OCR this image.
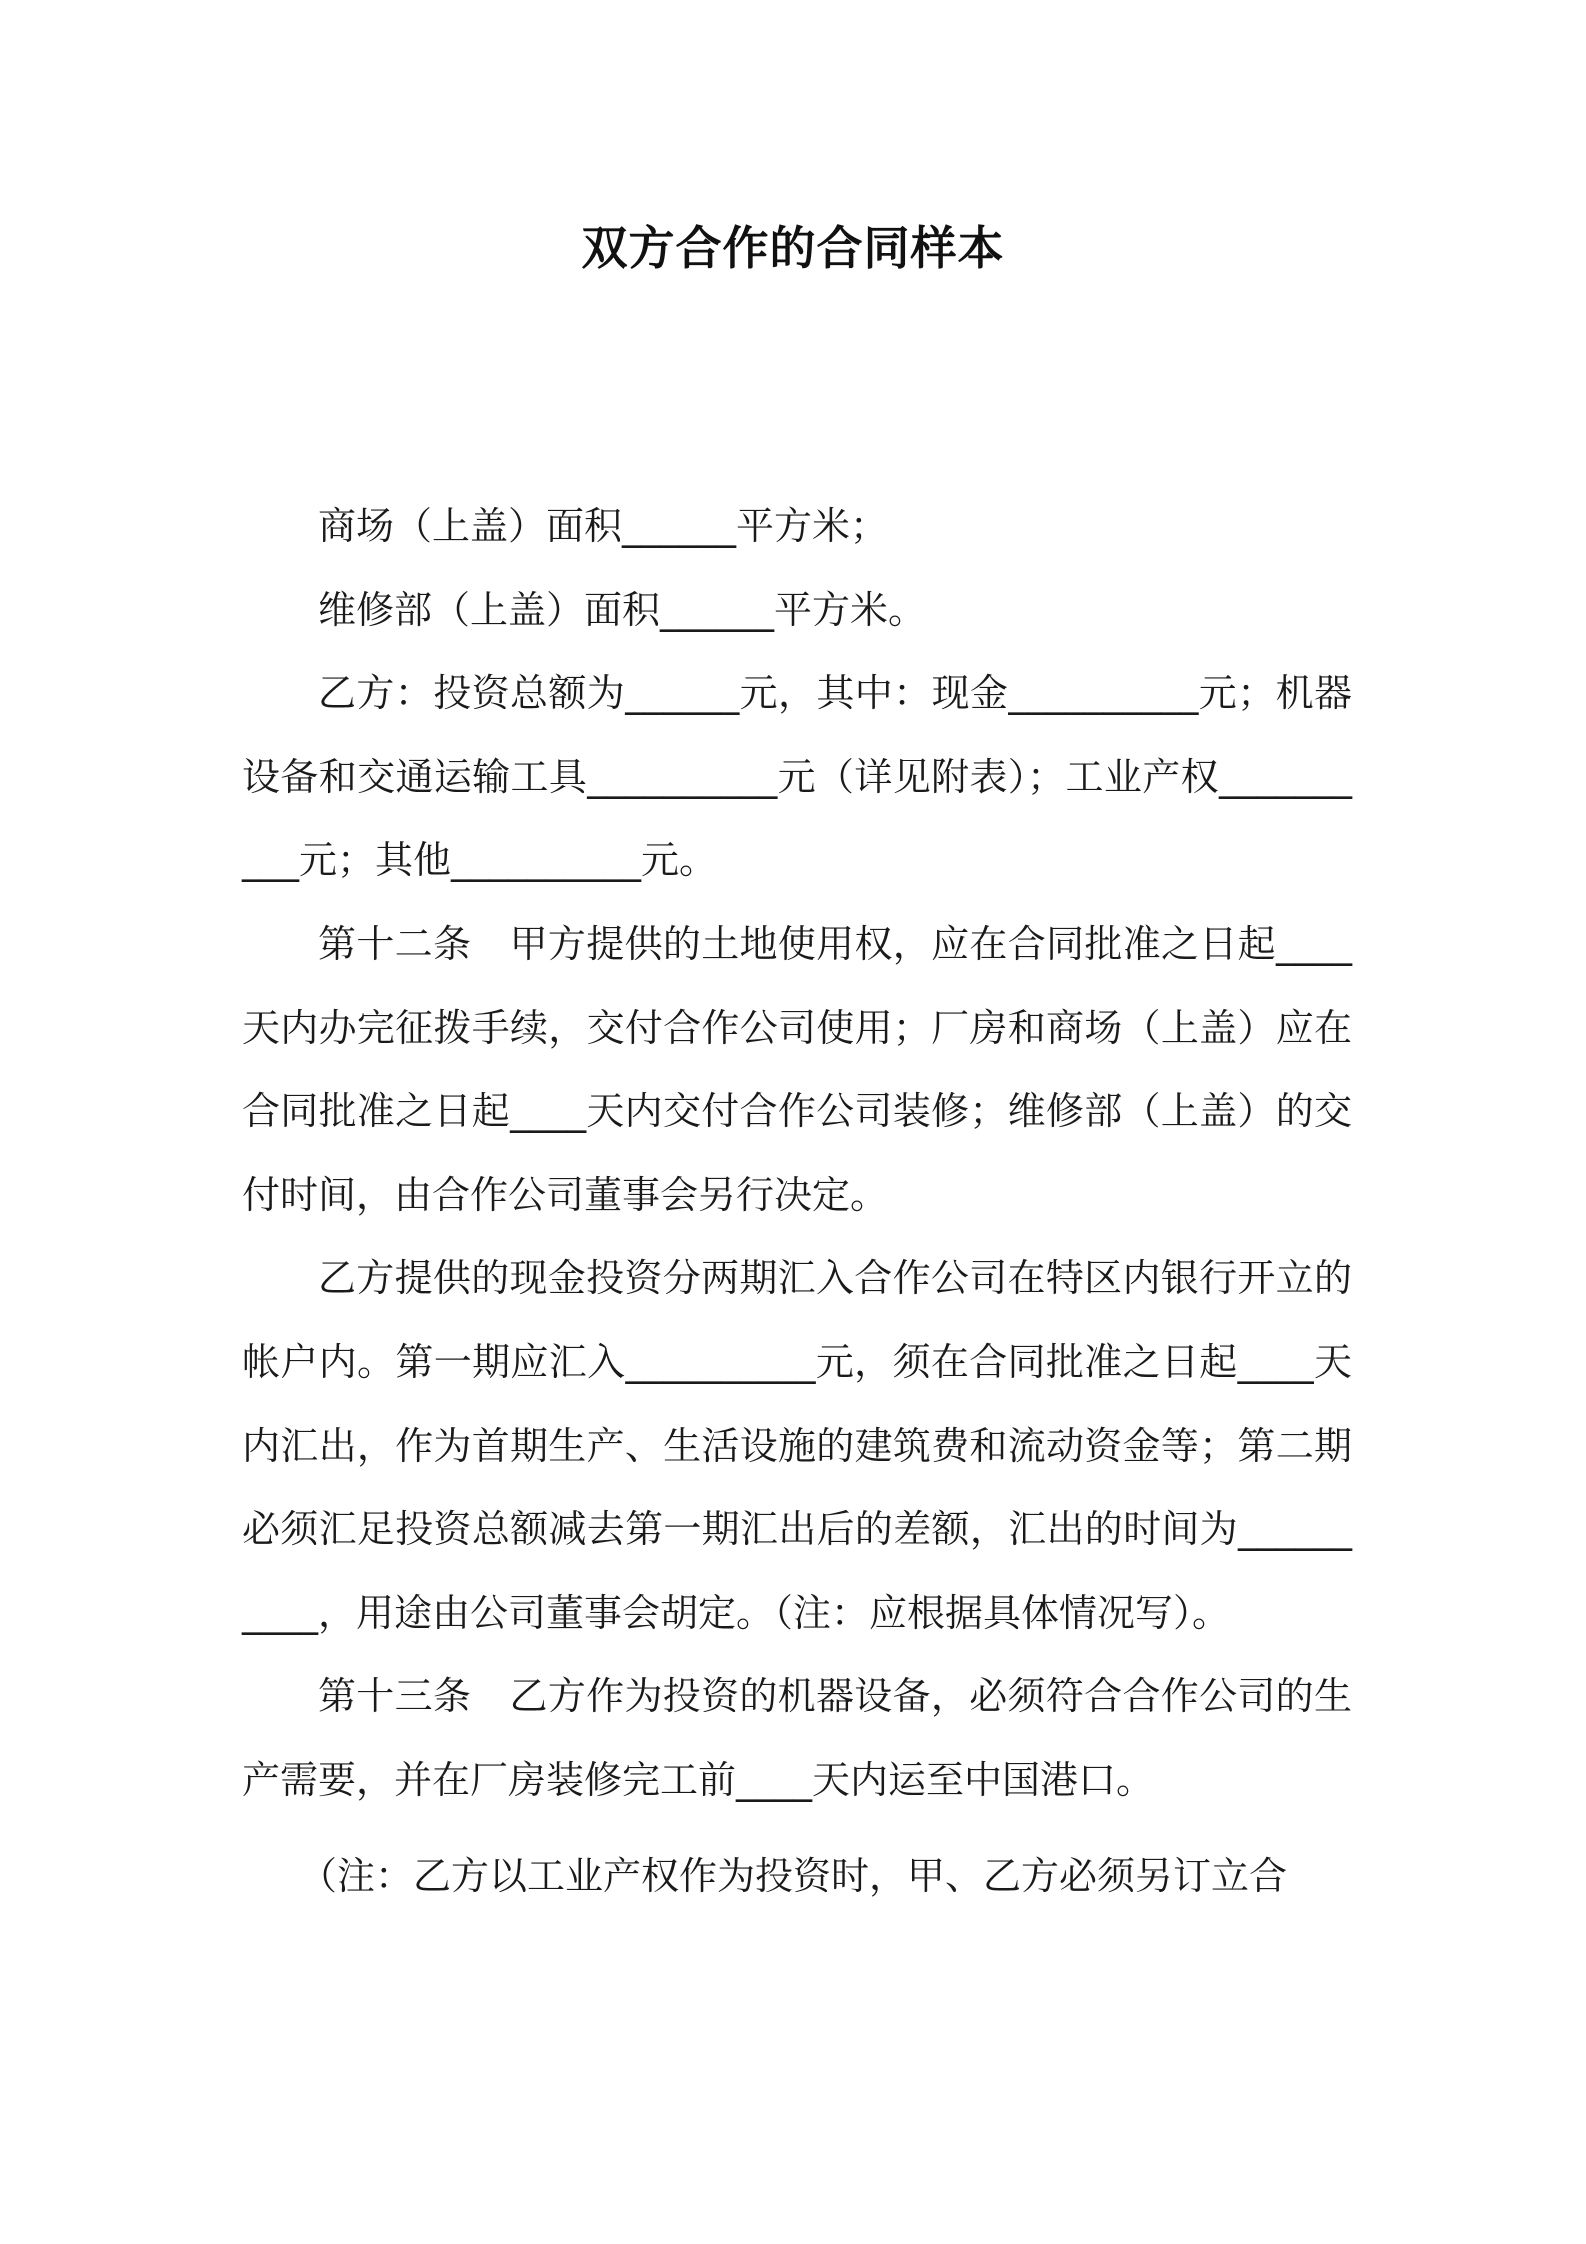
双方合作的合同样本

商场（上盖）面积______平方米；

维修部（上盖）面积______平方米。

乙方：投资总额为______元，其中：现金__________元；机器设备和交通运输工具__________元（详见附表）；工业产权__________元；其他__________元。

第十二条　甲方提供的土地使用权，应在合同批准之日起____天内办完征拨手续，交付合作公司使用；厂房和商场（上盖）应在合同批准之日起____天内交付合作公司装修；维修部（上盖）的交付时间，由合作公司董事会另行决定。

乙方提供的现金投资分两期汇入合作公司在特区内银行开立的帐户内。第一期应汇入__________元，须在合同批准之日起____天内汇出，作为首期生产、生活设施的建筑费和流动资金等；第二期必须汇足投资总额减去第一期汇出后的差额，汇出的时间为__________，用途由公司董事会胡定。（注：应根据具体情况写）。

第十三条　乙方作为投资的机器设备，必须符合合作公司的生产需要，并在厂房装修完工前____天内运至中国港口。

（注：乙方以工业产权作为投资时，甲、乙方必须另订立合
